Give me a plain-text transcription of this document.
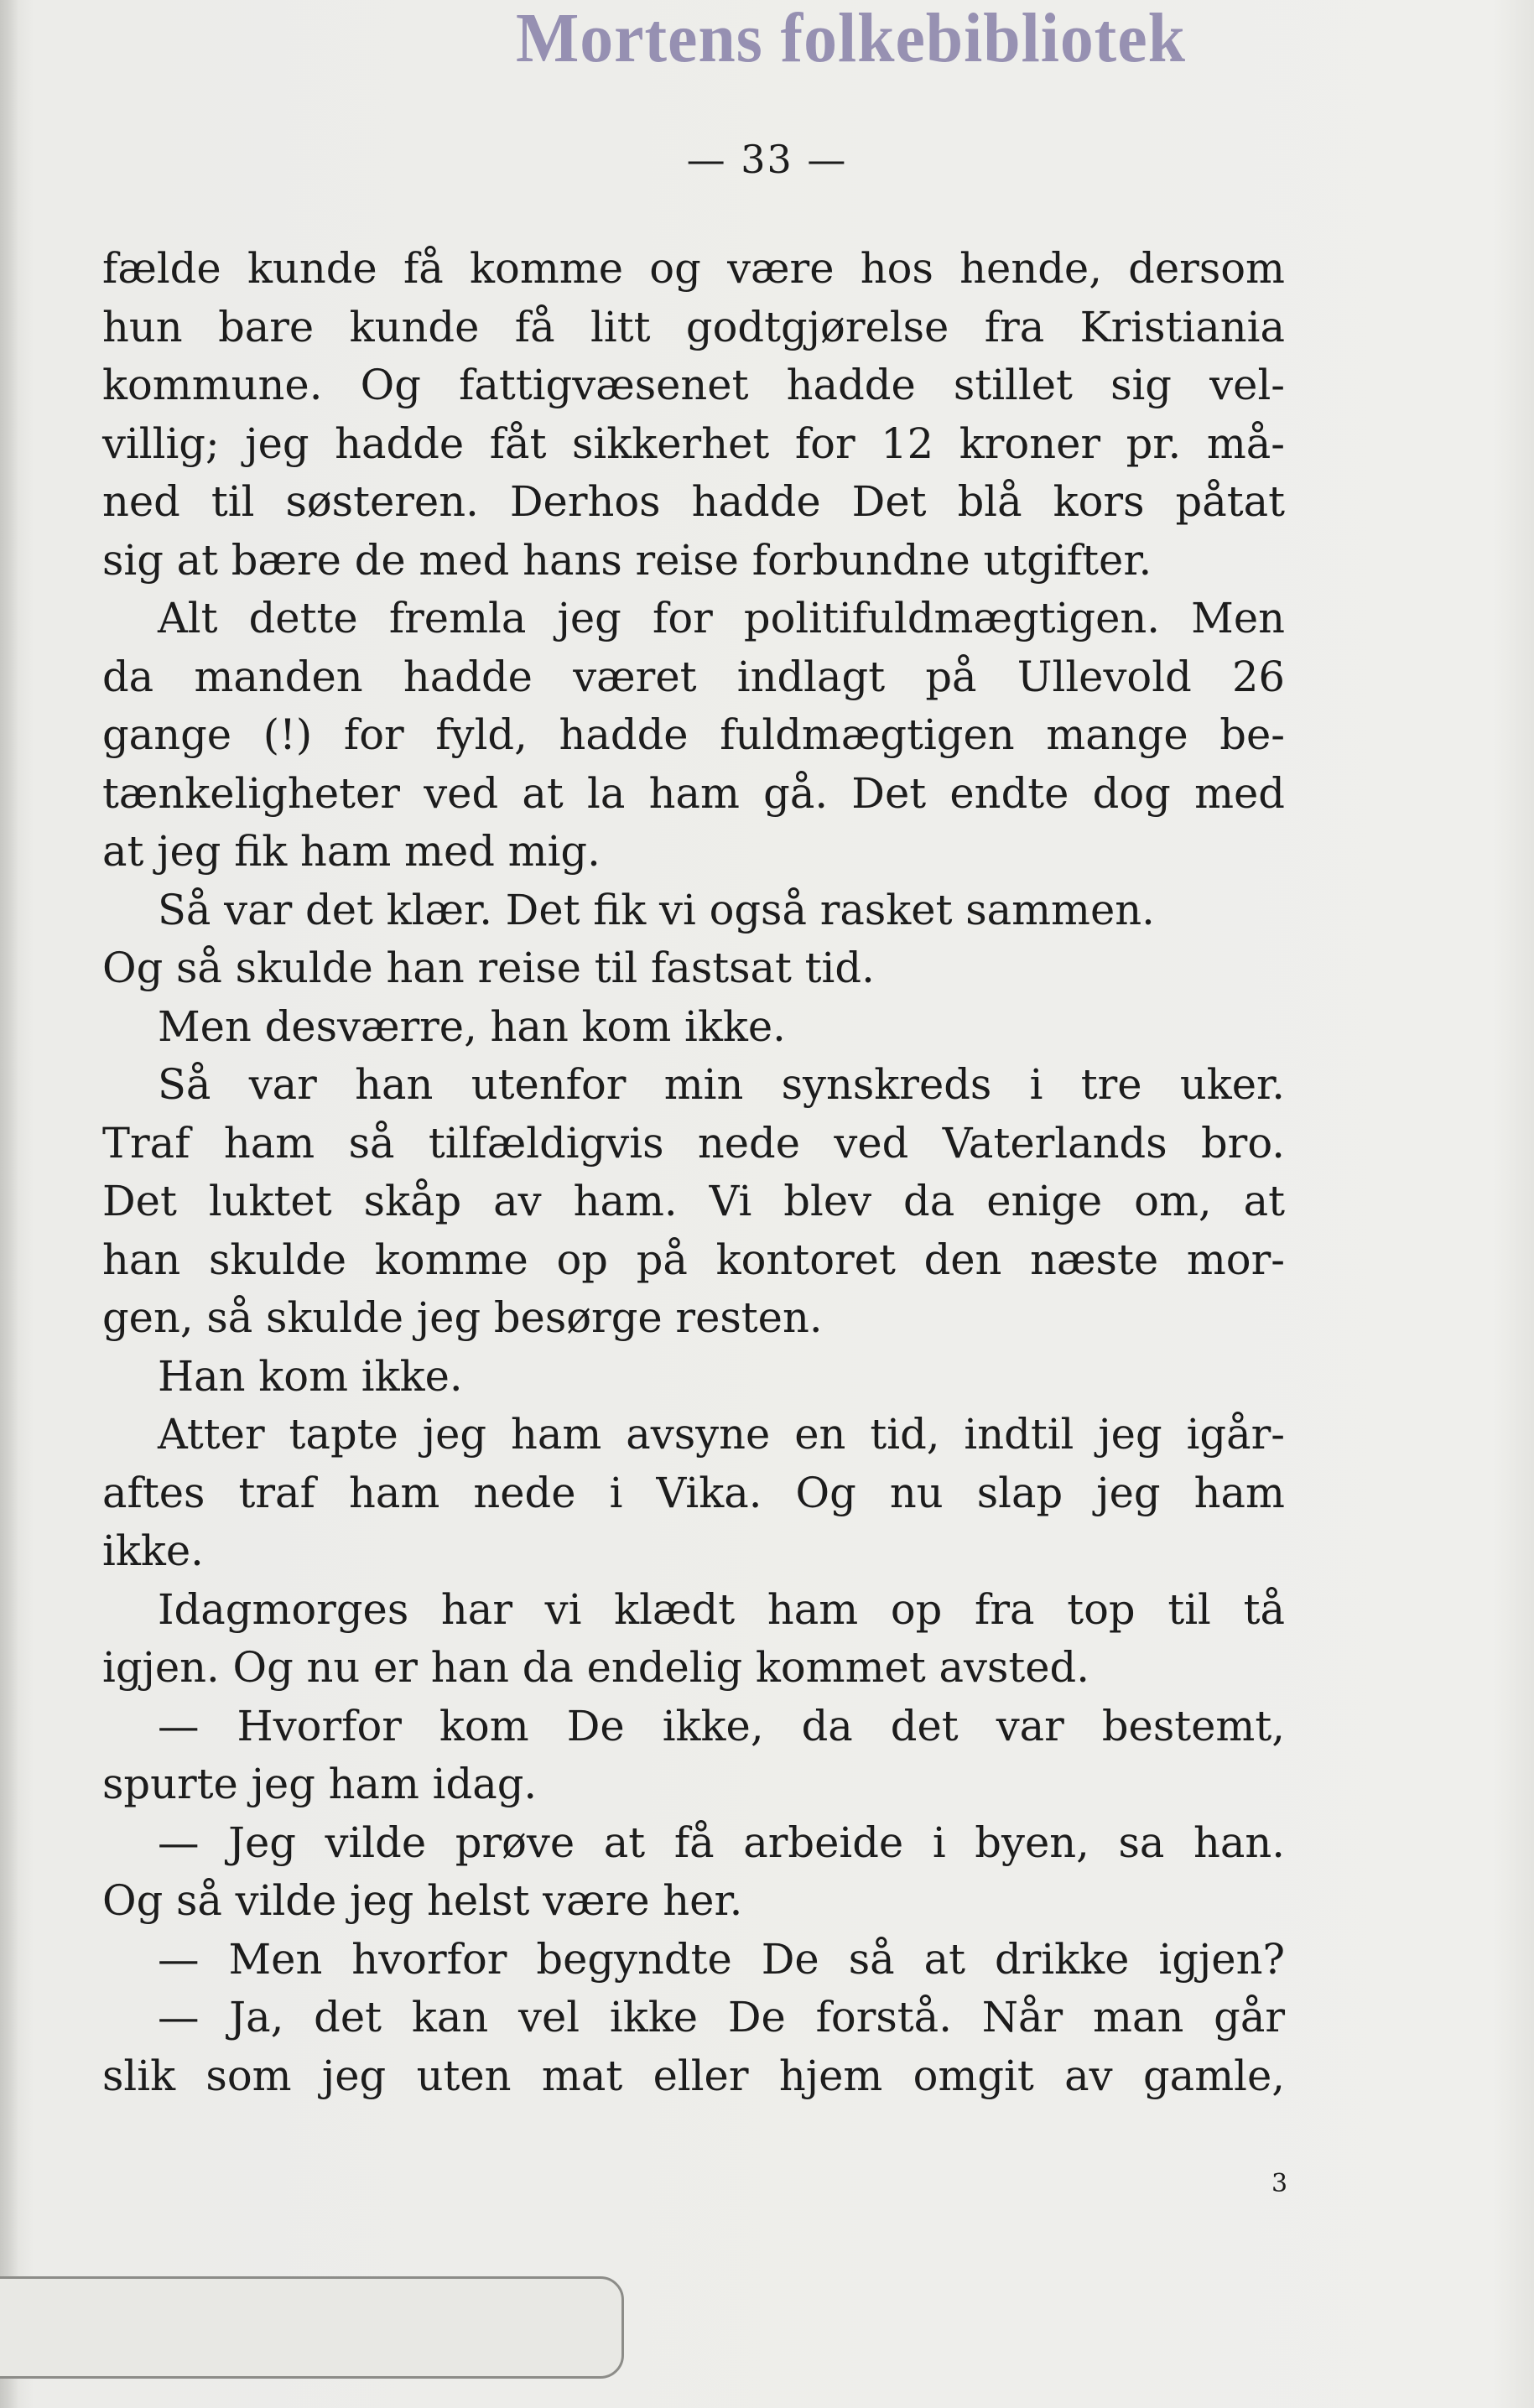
Mortens folkebibliotek
— 33 —
fælde kunde få komme og være hos hende, dersom
hun bare kunde få litt godtgjørelse fra Kristiania
kommune. Og fattigvæsenet hadde stillet sig vel-
villig; jeg hadde fåt sikkerhet for 12 kroner pr. må-
ned til søsteren. Derhos hadde Det blå kors påtat
sig at bære de med hans reise forbundne utgifter.
Alt dette fremla jeg for politifuldmægtigen. Men
da manden hadde været indlagt på Ullevold 26
gange (!) for fyld, hadde fuldmægtigen mange be-
tænkeligheter ved at la ham gå. Det endte dog med
at jeg fik ham med mig.
Så var det klær. Det fik vi også rasket sammen.
Og så skulde han reise til fastsat tid.
Men desværre, han kom ikke.
Så var han utenfor min synskreds i tre uker.
Traf ham så tilfældigvis nede ved Vaterlands bro.
Det luktet skåp av ham. Vi blev da enige om, at
han skulde komme op på kontoret den næste mor-
gen, så skulde jeg besørge resten.
Han kom ikke.
Atter tapte jeg ham avsyne en tid, indtil jeg igår-
aftes traf ham nede i Vika. Og nu slap jeg ham
ikke.
Idagmorges har vi klædt ham op fra top til tå
igjen. Og nu er han da endelig kommet avsted.
— Hvorfor kom De ikke, da det var bestemt,
spurte jeg ham idag.
— Jeg vilde prøve at få arbeide i byen, sa han.
Og så vilde jeg helst være her.
— Men hvorfor begyndte De så at drikke igjen?
— Ja, det kan vel ikke De forstå. Når man går
slik som jeg uten mat eller hjem omgit av gamle,
3
